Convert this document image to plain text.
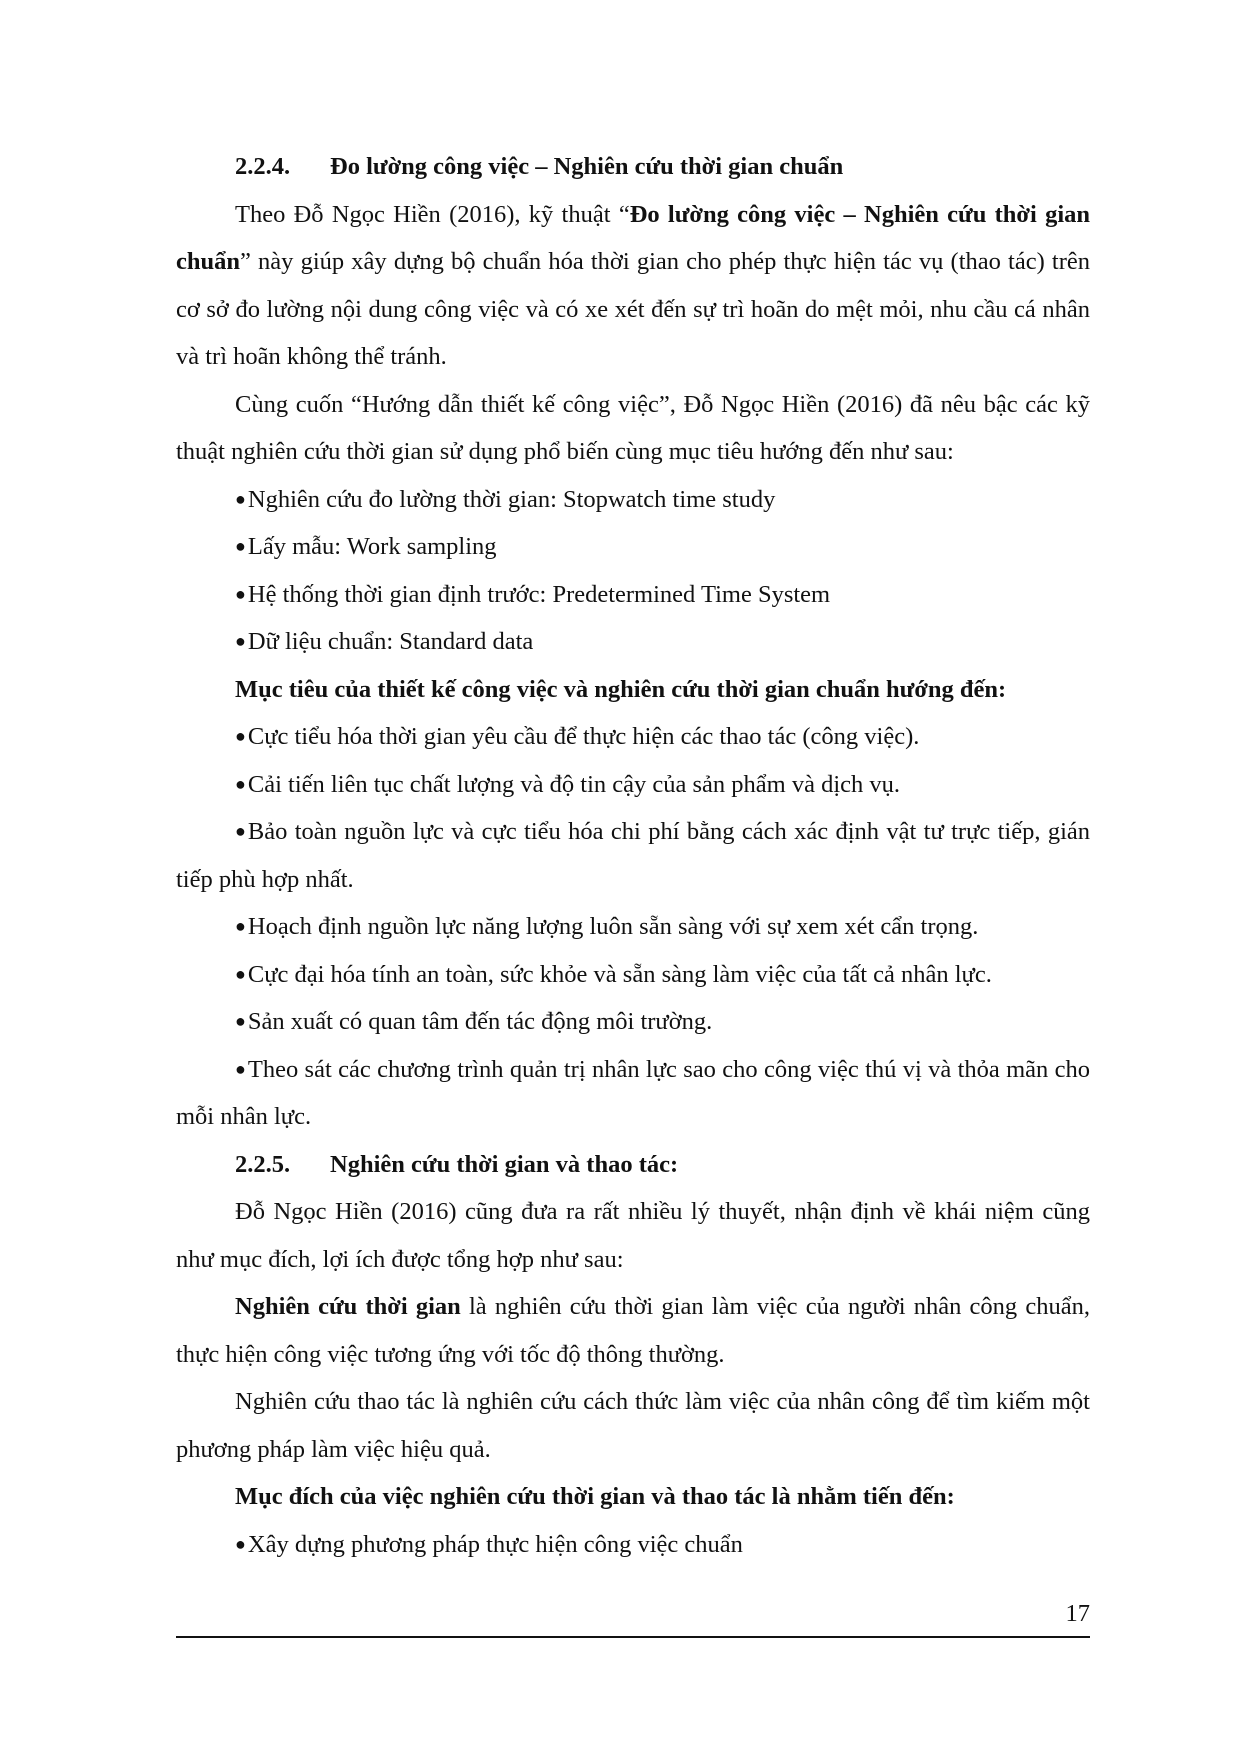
2.2.4. Đo lường công việc – Nghiên cứu thời gian chuẩn

Theo Đỗ Ngọc Hiền (2016), kỹ thuật “Đo lường công việc – Nghiên cứu thời gian chuẩn” này giúp xây dựng bộ chuẩn hóa thời gian cho phép thực hiện tác vụ (thao tác) trên cơ sở đo lường nội dung công việc và có xe xét đến sự trì hoãn do mệt mỏi, nhu cầu cá nhân và trì hoãn không thể tránh.

Cùng cuốn “Hướng dẫn thiết kế công việc”, Đỗ Ngọc Hiền (2016) đã nêu bậc các kỹ thuật nghiên cứu thời gian sử dụng phổ biến cùng mục tiêu hướng đến như sau:

●Nghiên cứu đo lường thời gian: Stopwatch time study

●Lấy mẫu: Work sampling

●Hệ thống thời gian định trước: Predetermined Time System

●Dữ liệu chuẩn: Standard data

Mục tiêu của thiết kế công việc và nghiên cứu thời gian chuẩn hướng đến:

●Cực tiểu hóa thời gian yêu cầu để thực hiện các thao tác (công việc).

●Cải tiến liên tục chất lượng và độ tin cậy của sản phẩm và dịch vụ.

●Bảo toàn nguồn lực và cực tiểu hóa chi phí bằng cách xác định vật tư trực tiếp, gián tiếp phù hợp nhất.

●Hoạch định nguồn lực năng lượng luôn sẵn sàng với sự xem xét cẩn trọng.

●Cực đại hóa tính an toàn, sức khỏe và sẵn sàng làm việc của tất cả nhân lực.

●Sản xuất có quan tâm đến tác động môi trường.

●Theo sát các chương trình quản trị nhân lực sao cho công việc thú vị và thỏa mãn cho mỗi nhân lực.

2.2.5. Nghiên cứu thời gian và thao tác:

Đỗ Ngọc Hiền (2016) cũng đưa ra rất nhiều lý thuyết, nhận định về khái niệm cũng như mục đích, lợi ích được tổng hợp như sau:

Nghiên cứu thời gian là nghiên cứu thời gian làm việc của người nhân công chuẩn, thực hiện công việc tương ứng với tốc độ thông thường.

Nghiên cứu thao tác là nghiên cứu cách thức làm việc của nhân công để tìm kiếm một phương pháp làm việc hiệu quả.

Mục đích của việc nghiên cứu thời gian và thao tác là nhằm tiến đến:

●Xây dựng phương pháp thực hiện công việc chuẩn

17
